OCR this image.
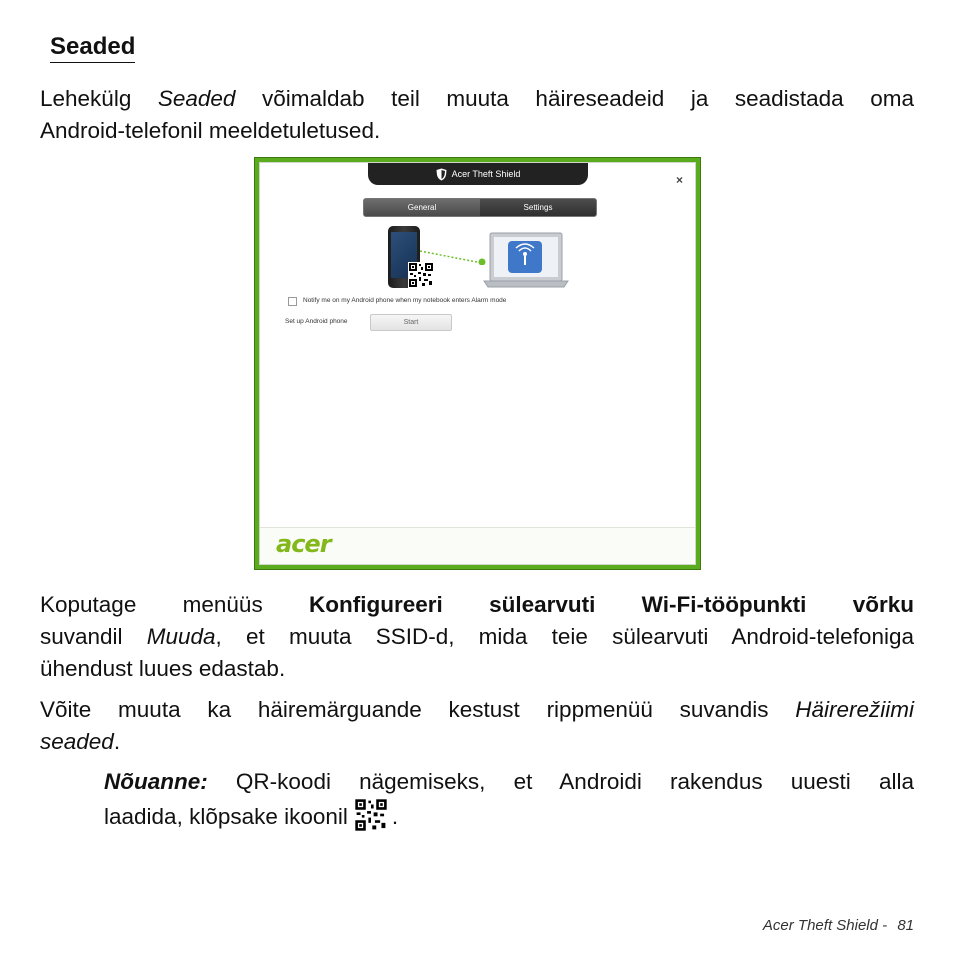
Seaded
Lehekülg Seaded võimaldab teil muuta häireseadeid ja seadistada oma
Android-telefonil meeldetuletused.
Acer Theft Shield	×
General	Settings
Notify me on my Android phone when my notebook enters Alarm mode
Set up Android phone	Start
acer
Koputage menüüs Konfigureeri sülearvuti Wi-Fi-tööpunkti võrku
suvandil Muuda, et muuta SSID-d, mida teie sülearvuti Android-telefoniga
ühendust luues edastab.
Võite muuta ka häiremärguande kestust rippmenüü suvandis Häirerežiimi
seaded.
Nõuanne: QR-koodi nägemiseks, et Androidi rakendus uuesti alla
laadida, klõpsake ikoonil .
Acer Theft Shield - 81
